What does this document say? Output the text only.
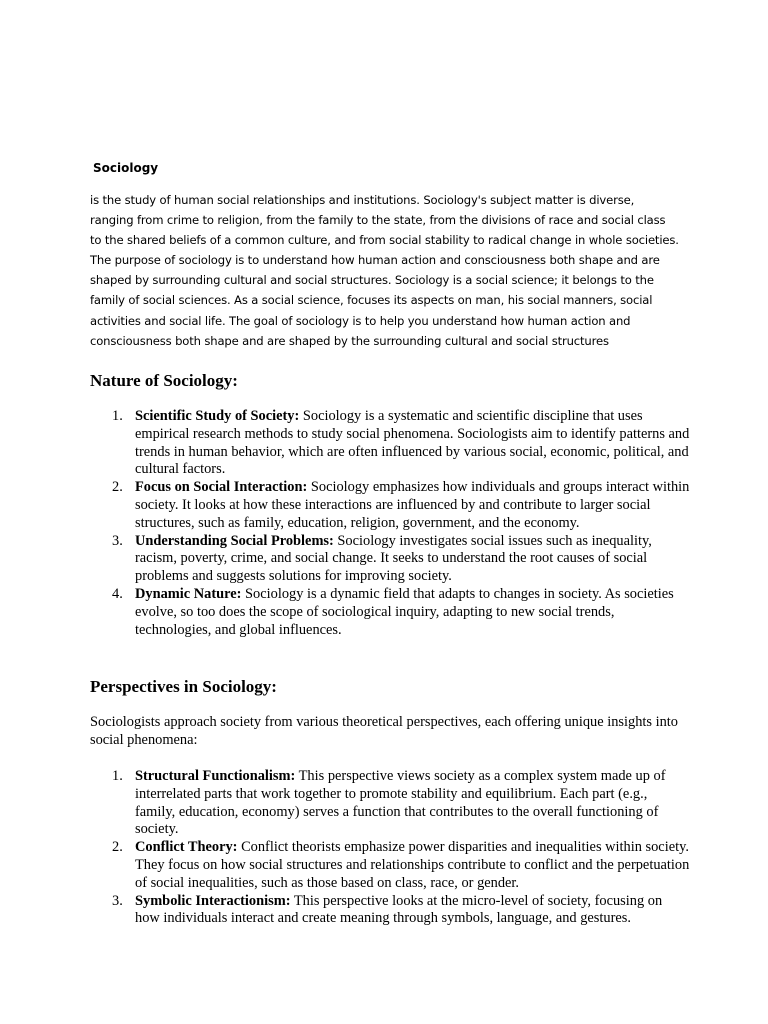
Sociology

is the study of human social relationships and institutions. Sociology's subject matter is diverse, ranging from crime to religion, from the family to the state, from the divisions of race and social class to the shared beliefs of a common culture, and from social stability to radical change in whole societies. The purpose of sociology is to understand how human action and consciousness both shape and are shaped by surrounding cultural and social structures. Sociology is a social science; it belongs to the family of social sciences. As a social science, focuses its aspects on man, his social manners, social activities and social life. The goal of sociology is to help you understand how human action and consciousness both shape and are shaped by the surrounding cultural and social structures

Nature of Sociology:
1. Scientific Study of Society: Sociology is a systematic and scientific discipline that uses empirical research methods to study social phenomena. Sociologists aim to identify patterns and trends in human behavior, which are often influenced by various social, economic, political, and cultural factors.
2. Focus on Social Interaction: Sociology emphasizes how individuals and groups interact within society. It looks at how these interactions are influenced by and contribute to larger social structures, such as family, education, religion, government, and the economy.
3. Understanding Social Problems: Sociology investigates social issues such as inequality, racism, poverty, crime, and social change. It seeks to understand the root causes of social problems and suggests solutions for improving society.
4. Dynamic Nature: Sociology is a dynamic field that adapts to changes in society. As societies evolve, so too does the scope of sociological inquiry, adapting to new social trends, technologies, and global influences.
Perspectives in Sociology:

Sociologists approach society from various theoretical perspectives, each offering unique insights into social phenomena:

1. Structural Functionalism: This perspective views society as a complex system made up of interrelated parts that work together to promote stability and equilibrium. Each part (e.g., family, education, economy) serves a function that contributes to the overall functioning of society.
2. Conflict Theory: Conflict theorists emphasize power disparities and inequalities within society. They focus on how social structures and relationships contribute to conflict and the perpetuation of social inequalities, such as those based on class, race, or gender.
3. Symbolic Interactionism: This perspective looks at the micro-level of society, focusing on how individuals interact and create meaning through symbols, language, and gestures.
